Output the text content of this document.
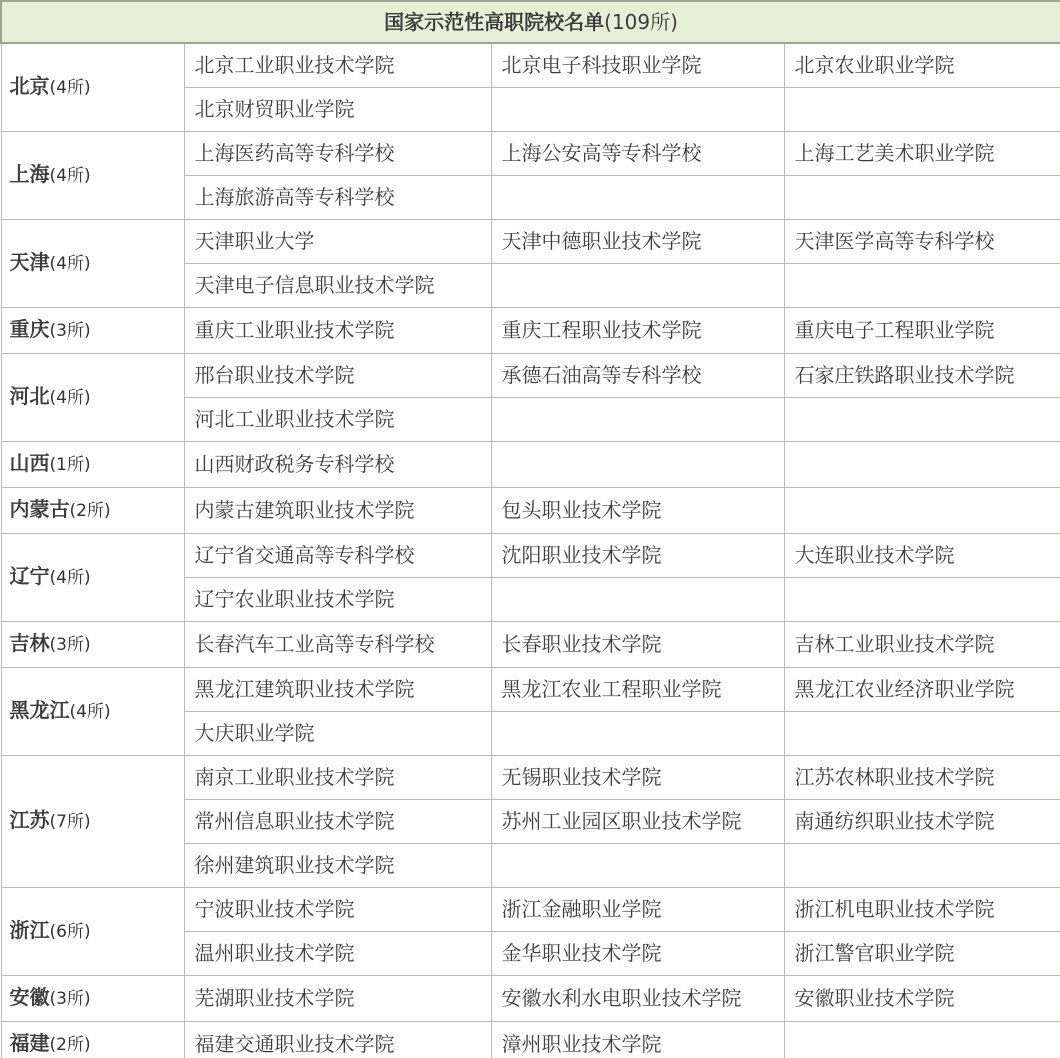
国家示范性高职院校名单(109所)			
北京(4所)	北京工业职业技术学院	北京电子科技职业学院	北京农业职业学院
	北京财贸职业学院		
上海(4所)	上海医药高等专科学校	上海公安高等专科学校	上海工艺美术职业学院
	上海旅游高等专科学校		
天津(4所)	天津职业大学	天津中德职业技术学院	天津医学高等专科学校
	天津电子信息职业技术学院		
重庆(3所)	重庆工业职业技术学院	重庆工程职业技术学院	重庆电子工程职业学院
河北(4所)	邢台职业技术学院	承德石油高等专科学校	石家庄铁路职业技术学院
	河北工业职业技术学院		
山西(1所)	山西财政税务专科学校		
内蒙古(2所)	内蒙古建筑职业技术学院	包头职业技术学院	
辽宁(4所)	辽宁省交通高等专科学校	沈阳职业技术学院	大连职业技术学院
	辽宁农业职业技术学院		
吉林(3所)	长春汽车工业高等专科学校	长春职业技术学院	吉林工业职业技术学院
黑龙江(4所)	黑龙江建筑职业技术学院	黑龙江农业工程职业学院	黑龙江农业经济职业学院
	大庆职业学院		
江苏(7所)	南京工业职业技术学院	无锡职业技术学院	江苏农林职业技术学院
	常州信息职业技术学院	苏州工业园区职业技术学院	南通纺织职业技术学院
	徐州建筑职业技术学院		
浙江(6所)	宁波职业技术学院	浙江金融职业学院	浙江机电职业技术学院
	温州职业技术学院	金华职业技术学院	浙江警官职业学院
安徽(3所)	芜湖职业技术学院	安徽水利水电职业技术学院	安徽职业技术学院
福建(2所)	福建交通职业技术学院	漳州职业技术学院	
